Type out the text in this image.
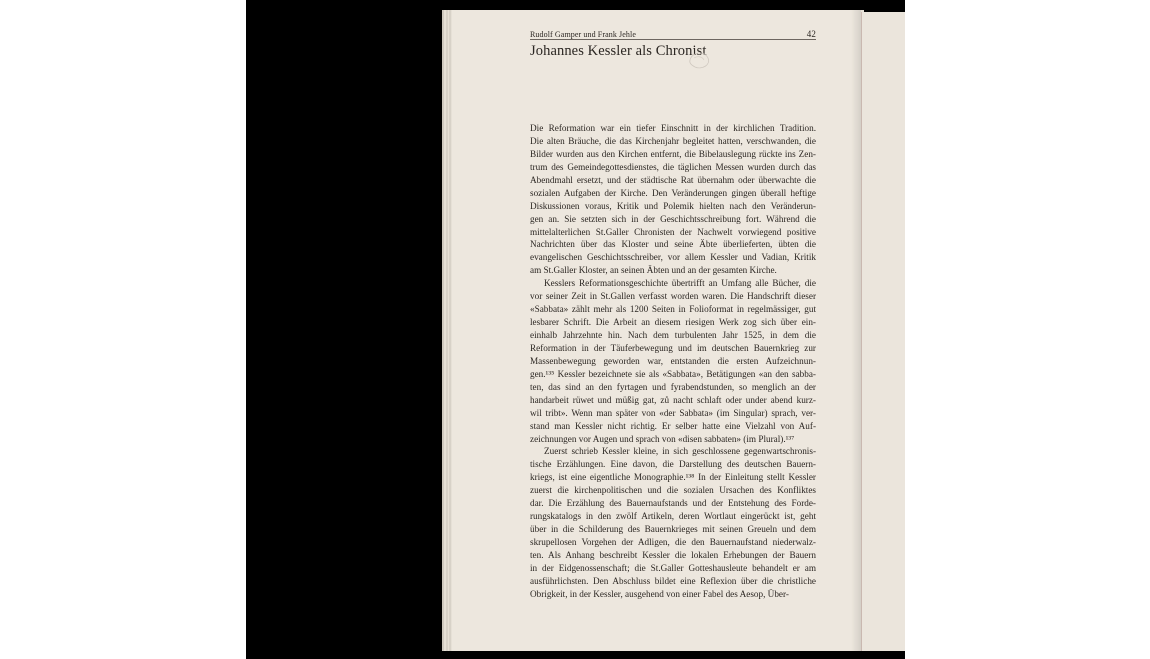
Rudolf Gamper und Frank Jehle	42
Johannes Kessler als Chronist
Die Reformation war ein tiefer Einschnitt in der kirchlichen Tradition.
Die alten Bräuche, die das Kirchenjahr begleitet hatten, verschwanden, die
Bilder wurden aus den Kirchen entfernt, die Bibelauslegung rückte ins Zen-
trum des Gemeindegottesdienstes, die täglichen Messen wurden durch das
Abendmahl ersetzt, und der städtische Rat übernahm oder überwachte die
sozialen Aufgaben der Kirche. Den Veränderungen gingen überall heftige
Diskussionen voraus, Kritik und Polemik hielten nach den Veränderun-
gen an. Sie setzten sich in der Geschichtsschreibung fort. Während die
mittelalterlichen St.Galler Chronisten der Nachwelt vorwiegend positive
Nachrichten über das Kloster und seine Äbte überlieferten, übten die
evangelischen Geschichtsschreiber, vor allem Kessler und Vadian, Kritik
am St.Galler Kloster, an seinen Äbten und an der gesamten Kirche.
Kesslers Reformationsgeschichte übertrifft an Umfang alle Bücher, die
vor seiner Zeit in St.Gallen verfasst worden waren. Die Handschrift dieser
«Sabbata» zählt mehr als 1200 Seiten in Folioformat in regelmässiger, gut
lesbarer Schrift. Die Arbeit an diesem riesigen Werk zog sich über ein-
einhalb Jahrzehnte hin. Nach dem turbulenten Jahr 1525, in dem die
Reformation in der Täuferbewegung und im deutschen Bauernkrieg zur
Massenbewegung geworden war, entstanden die ersten Aufzeichnun-
gen.¹³⁵ Kessler bezeichnete sie als «Sabbata», Betätigungen «an den sabba-
ten, das sind an den fyrtagen und fyrabendstunden, so menglich an der
handarbeit rüwet und müßig gat, zů nacht schlaft oder under abend kurz-
wil tribt». Wenn man später von «der Sabbata» (im Singular) sprach, ver-
stand man Kessler nicht richtig. Er selber hatte eine Vielzahl von Auf-
zeichnungen vor Augen und sprach von «disen sabbaten» (im Plural).¹³⁷
Zuerst schrieb Kessler kleine, in sich geschlossene gegenwartschronis-
tische Erzählungen. Eine davon, die Darstellung des deutschen Bauern-
kriegs, ist eine eigentliche Monographie.¹³⁸ In der Einleitung stellt Kessler
zuerst die kirchenpolitischen und die sozialen Ursachen des Konfliktes
dar. Die Erzählung des Bauernaufstands und der Entstehung des Forde-
rungskatalogs in den zwölf Artikeln, deren Wortlaut eingerückt ist, geht
über in die Schilderung des Bauernkrieges mit seinen Greueln und dem
skrupellosen Vorgehen der Adligen, die den Bauernaufstand niederwalz-
ten. Als Anhang beschreibt Kessler die lokalen Erhebungen der Bauern
in der Eidgenossenschaft; die St.Galler Gotteshausleute behandelt er am
ausführlichsten. Den Abschluss bildet eine Reflexion über die christliche
Obrigkeit, in der Kessler, ausgehend von einer Fabel des Aesop, Über-
